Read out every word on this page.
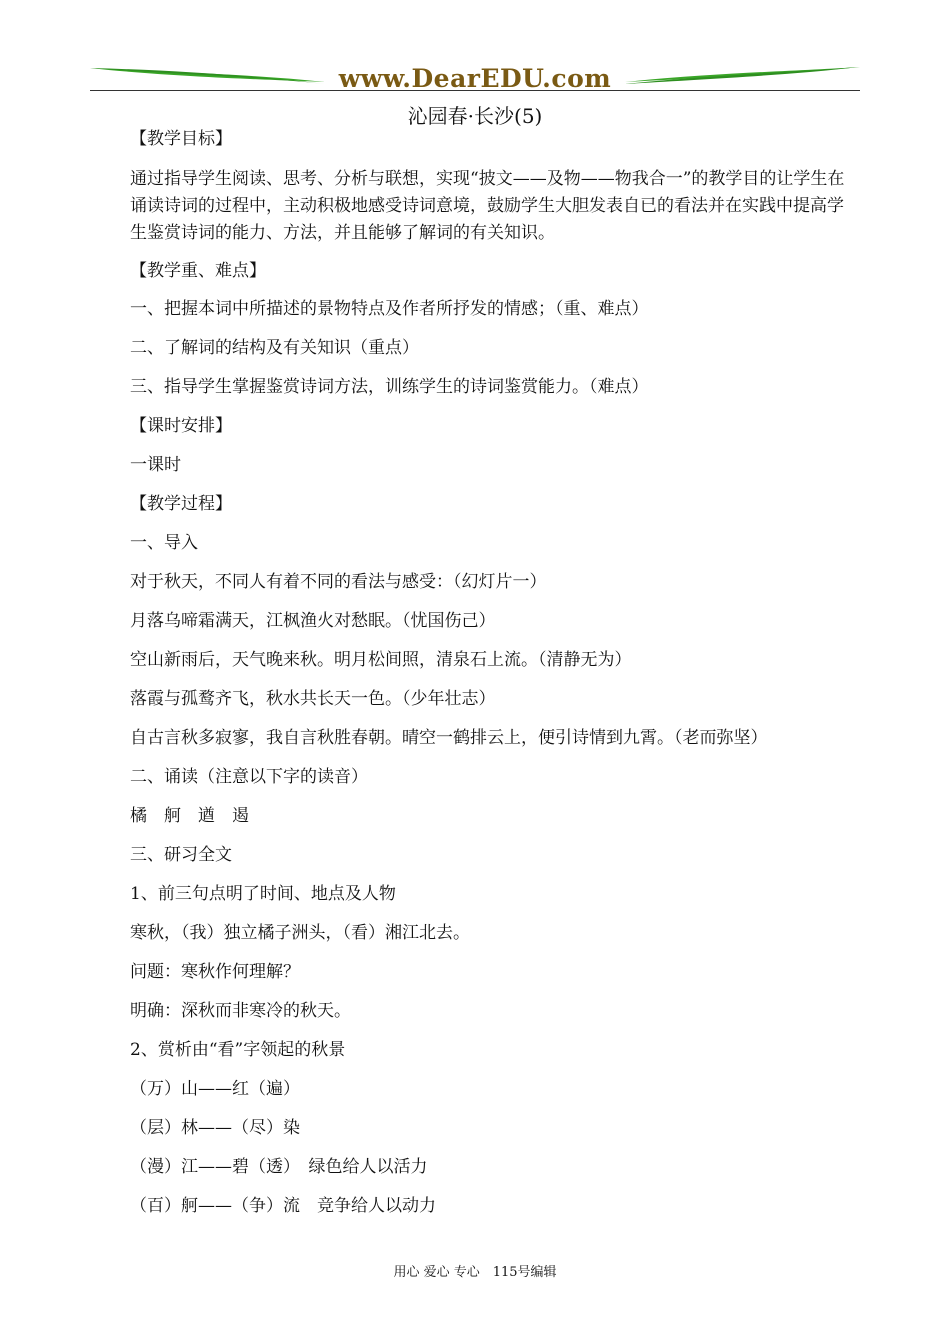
www.DearEDU.com
沁园春·长沙(5)
【教学目标】
通过指导学生阅读、思考、分析与联想，实现“披文——及物——物我合一”的教学目的让学生在诵读诗词的过程中，主动积极地感受诗词意境，鼓励学生大胆发表自已的看法并在实践中提高学生鉴赏诗词的能力、方法，并且能够了解词的有关知识。
【教学重、难点】
一、把握本词中所描述的景物特点及作者所抒发的情感；（重、难点）
二、了解词的结构及有关知识（重点）
三、指导学生掌握鉴赏诗词方法，训练学生的诗词鉴赏能力。（难点）
【课时安排】
一课时
【教学过程】
一、导入
对于秋天，不同人有着不同的看法与感受：（幻灯片一）
月落乌啼霜满天，江枫渔火对愁眠。（忧国伤己）
空山新雨后，天气晚来秋。明月松间照，清泉石上流。（清静无为）
落霞与孤鹜齐飞，秋水共长天一色。（少年壮志）
自古言秋多寂寥，我自言秋胜春朝。晴空一鹤排云上，便引诗情到九霄。（老而弥坚）
二、诵读（注意以下字的读音）
橘　舸　遒　遏
三、研习全文
1、前三句点明了时间、地点及人物
寒秋，（我）独立橘子洲头，（看）湘江北去。
问题：寒秋作何理解？
明确：深秋而非寒冷的秋天。
2、赏析由“看”字领起的秋景
（万）山——红（遍）
（层）林——（尽）染
（漫）江——碧（透）　绿色给人以活力
（百）舸——（争）流　竞争给人以动力
用心 爱心 专心　115号编辑
